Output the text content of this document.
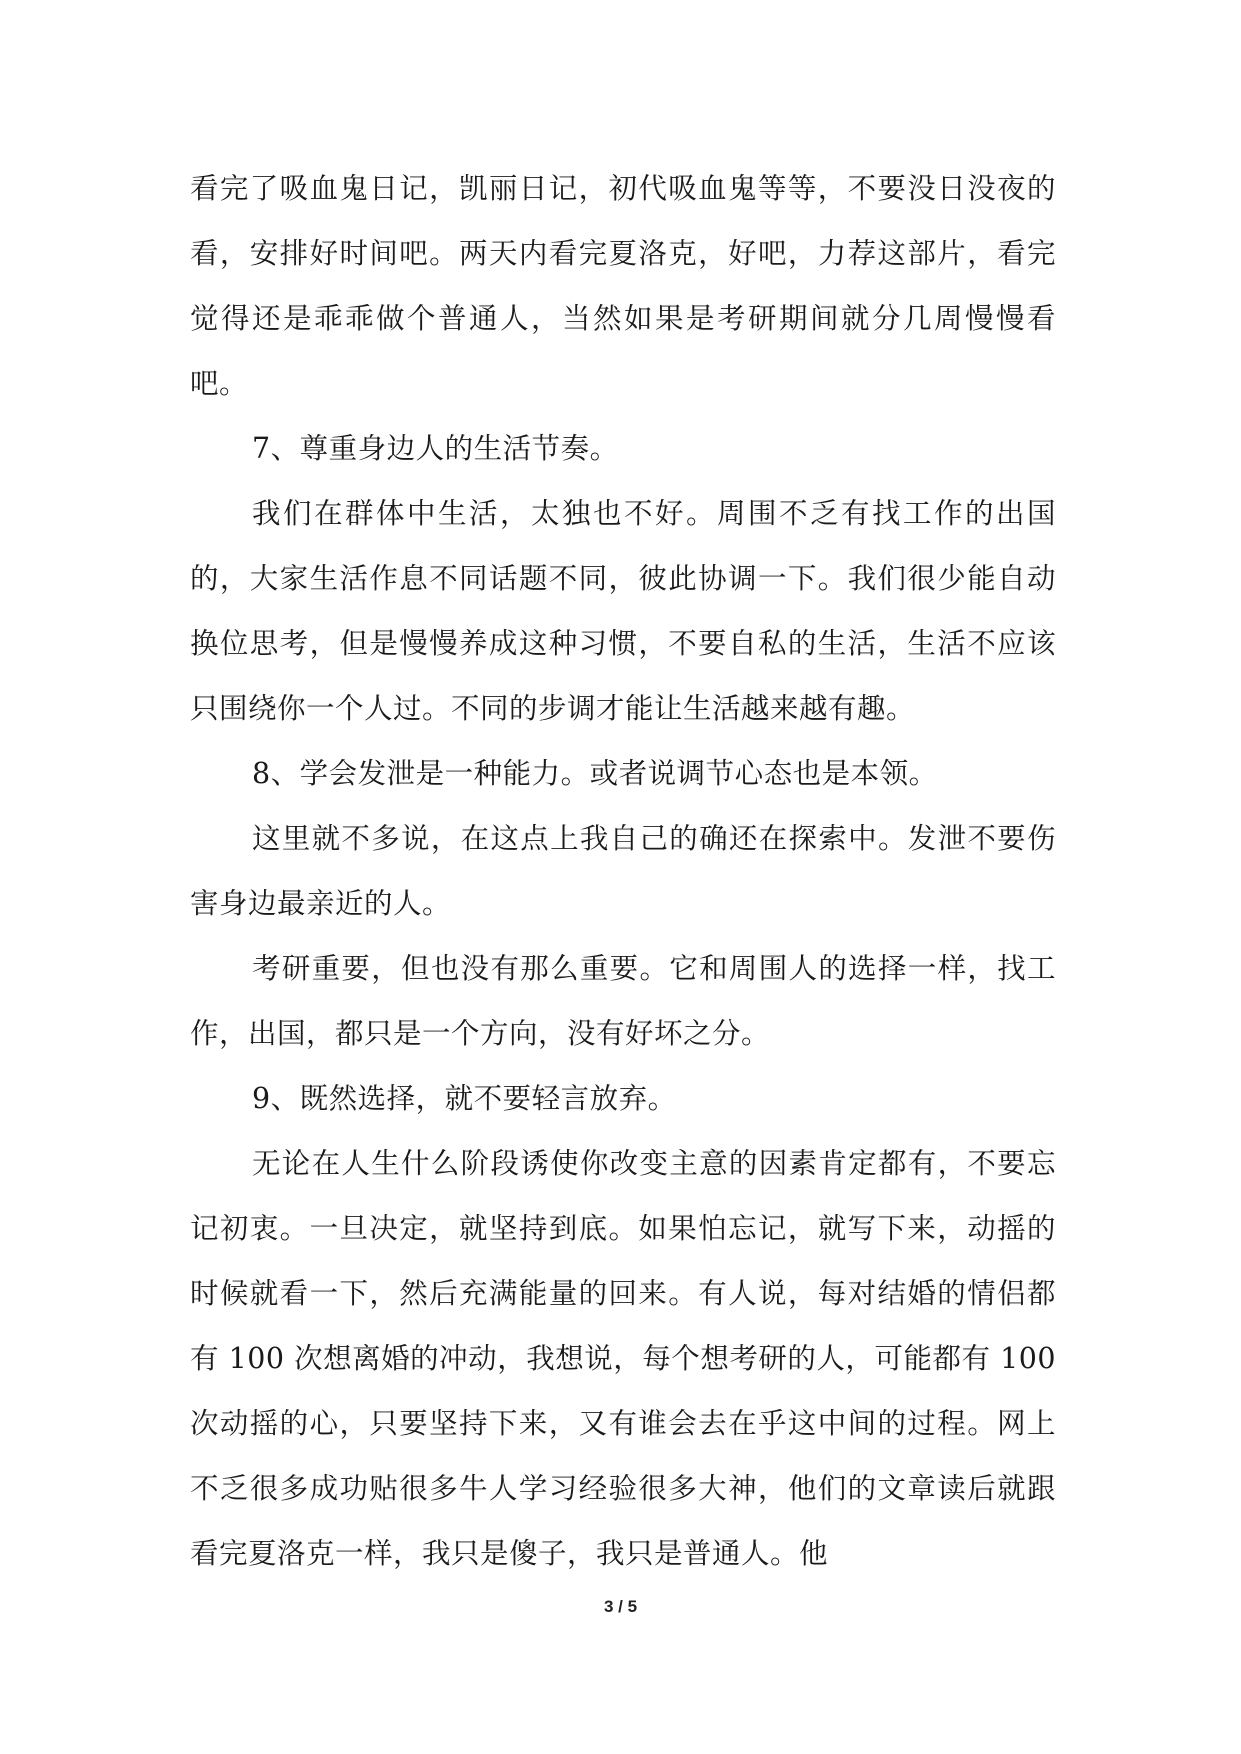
看完了吸血鬼日记，凯丽日记，初代吸血鬼等等，不要没日没夜的看，安排好时间吧。两天内看完夏洛克，好吧，力荐这部片，看完觉得还是乖乖做个普通人，当然如果是考研期间就分几周慢慢看吧。

7、尊重身边人的生活节奏。

我们在群体中生活，太独也不好。周围不乏有找工作的出国的，大家生活作息不同话题不同，彼此协调一下。我们很少能自动换位思考，但是慢慢养成这种习惯，不要自私的生活，生活不应该只围绕你一个人过。不同的步调才能让生活越来越有趣。

8、学会发泄是一种能力。或者说调节心态也是本领。

这里就不多说，在这点上我自己的确还在探索中。发泄不要伤害身边最亲近的人。

考研重要，但也没有那么重要。它和周围人的选择一样，找工作，出国，都只是一个方向，没有好坏之分。

9、既然选择，就不要轻言放弃。

无论在人生什么阶段诱使你改变主意的因素肯定都有，不要忘记初衷。一旦决定，就坚持到底。如果怕忘记，就写下来，动摇的时候就看一下，然后充满能量的回来。有人说，每对结婚的情侣都有 100 次想离婚的冲动，我想说，每个想考研的人，可能都有 100 次动摇的心，只要坚持下来，又有谁会去在乎这中间的过程。网上不乏很多成功贴很多牛人学习经验很多大神，他们的文章读后就跟看完夏洛克一样，我只是傻子，我只是普通人。他

3 / 5
